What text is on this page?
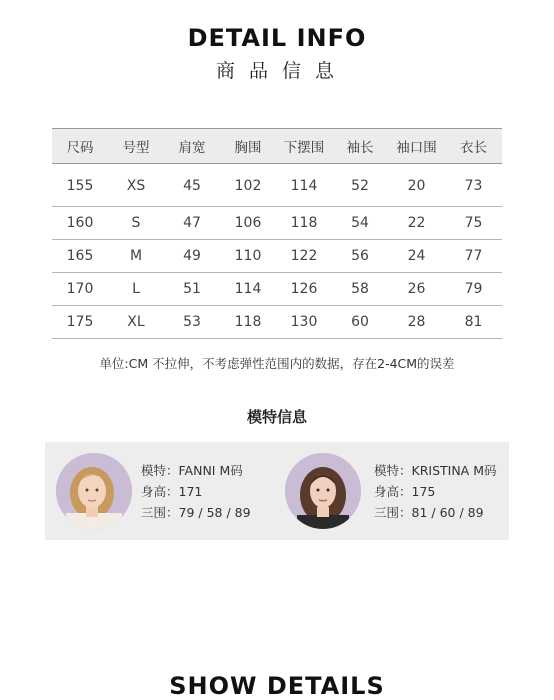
DETAIL INFO
商 品 信 息
尺码	号型	肩宽	胸围	下摆围	袖长	袖口围	衣长
155	XS	45	102	114	52	20	73
160	S	47	106	118	54	22	75
165	M	49	110	122	56	24	77
170	L	51	114	126	58	26	79
175	XL	53	118	130	60	28	81
单位:CM 不拉伸，不考虑弹性范围内的数据，存在2-4CM的误差
模特信息
模特：FANNI M码
身高：171
三围：79 / 58 / 89
模特：KRISTINA M码
身高：175
三围：81 / 60 / 89
SHOW DETAILS
